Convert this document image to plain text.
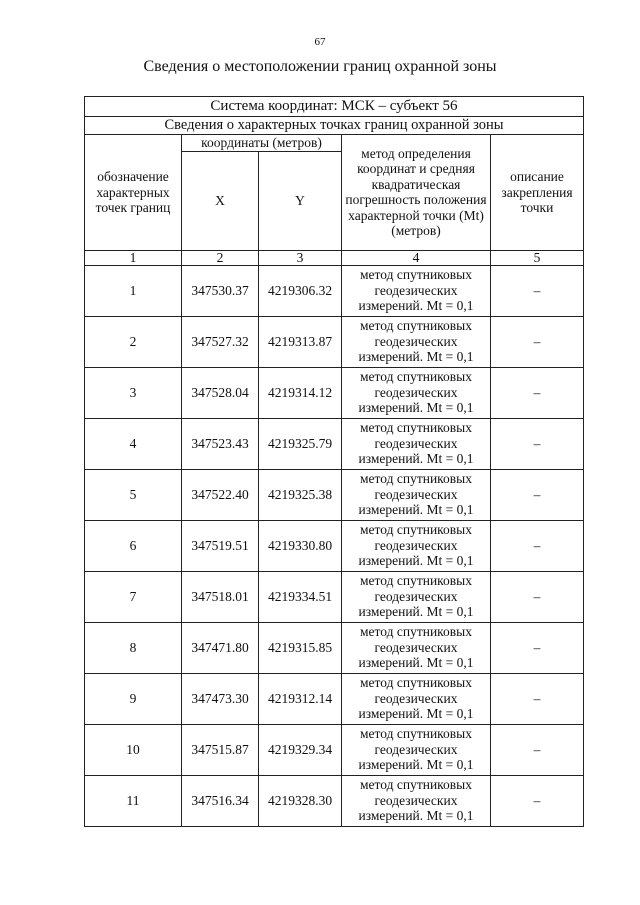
67
Сведения о местоположении границ охранной зоны
Система координат: МСК – субъект 56				
Сведения о характерных точках границ охранной зоны				
обозначение характерных точек границ	координаты (метров)		метод определения координат и средняя квадратическая погрешность положения характерной точки (Mt) (метров)	описание закрепления точки
	X	Y		
1	2	3	4	5
1	347530.37	4219306.32	метод спутниковых
геодезических
измерений. Mt = 0,1	–
2	347527.32	4219313.87	метод спутниковых
геодезических
измерений. Mt = 0,1	–
3	347528.04	4219314.12	метод спутниковых
геодезических
измерений. Mt = 0,1	–
4	347523.43	4219325.79	метод спутниковых
геодезических
измерений. Mt = 0,1	–
5	347522.40	4219325.38	метод спутниковых
геодезических
измерений. Mt = 0,1	–
6	347519.51	4219330.80	метод спутниковых
геодезических
измерений. Mt = 0,1	–
7	347518.01	4219334.51	метод спутниковых
геодезических
измерений. Mt = 0,1	–
8	347471.80	4219315.85	метод спутниковых
геодезических
измерений. Mt = 0,1	–
9	347473.30	4219312.14	метод спутниковых
геодезических
измерений. Mt = 0,1	–
10	347515.87	4219329.34	метод спутниковых
геодезических
измерений. Mt = 0,1	–
11	347516.34	4219328.30	метод спутниковых
геодезических
измерений. Mt = 0,1	–
